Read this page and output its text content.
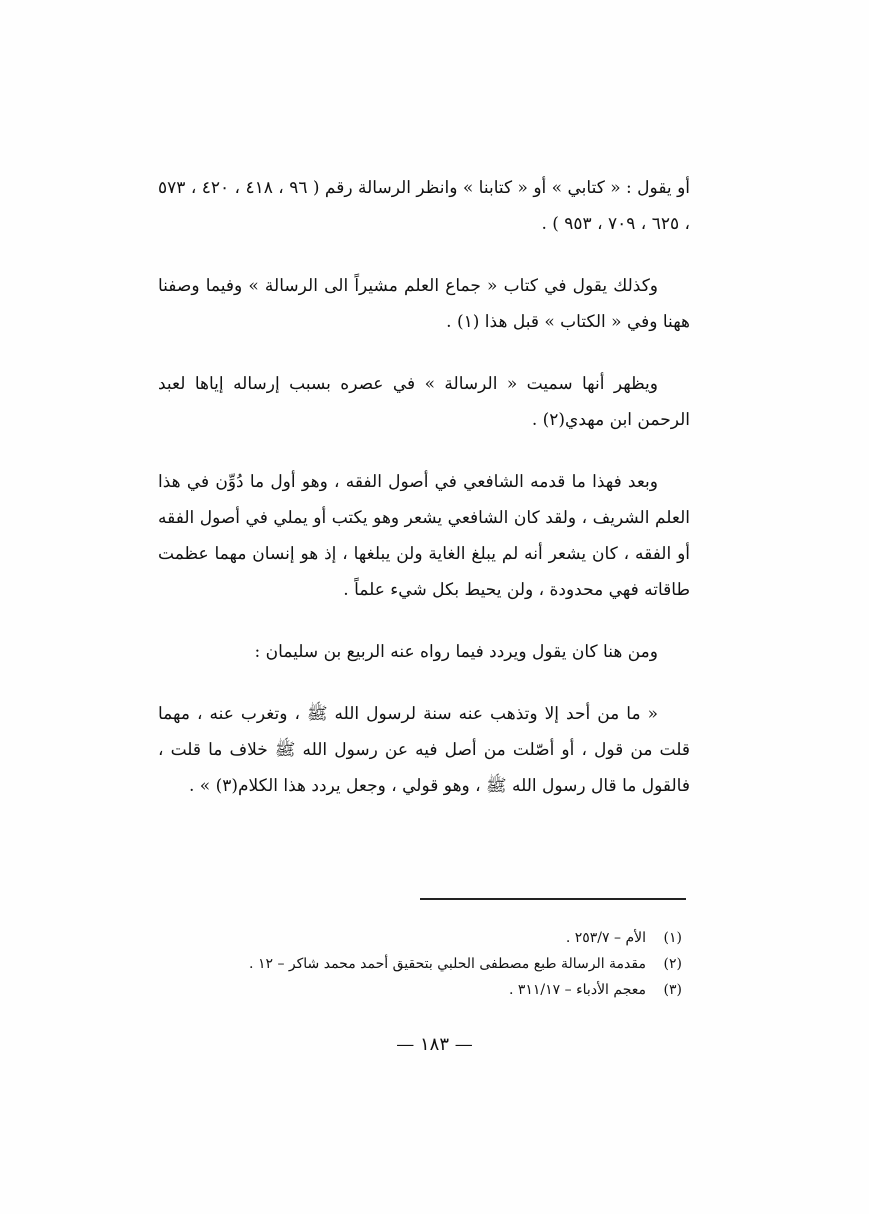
أو يقول : « كتابي » أو « كتابنا » وانظر الرسالة رقم ( ٩٦ ، ٤١٨ ، ٤٢٠ ، ٥٧٣ ، ٦٢٥ ، ٧٠٩ ، ٩٥٣ ) .

وكذلك يقول في كتاب « جماع العلم مشيراً الى الرسالة » وفيما وصفنا ههنا وفي « الكتاب » قبل هذا (١) .

ويظهر أنها سميت « الرسالة » في عصره بسبب إرساله إياها لعبد الرحمن ابن مهدي(٢) .

وبعد فهذا ما قدمه الشافعي في أصول الفقه ، وهو أول ما دُوِّن في هذا العلم الشريف ، ولقد كان الشافعي يشعر وهو يكتب أو يملي في أصول الفقه أو الفقه ، كان يشعر أنه لم يبلغ الغاية ولن يبلغها ، إذ هو إنسان مهما عظمت طاقاته فهي محدودة ، ولن يحيط بكل شيء علماً .

ومن هنا كان يقول ويردد فيما رواه عنه الربيع بن سليمان :

« ما من أحد إلا وتذهب عنه سنة لرسول الله ﷺ ، وتغرب عنه ، مهما قلت من قول ، أو أصّلت من أصل فيه عن رسول الله ﷺ خلاف ما قلت ، فالقول ما قال رسول الله ﷺ ، وهو قولي ، وجعل يردد هذا الكلام(٣) » .

(١)
الأم – ٢٥٣/٧ .
(٢)
مقدمة الرسالة طبع مصطفى الحلبي بتحقيق أحمد محمد شاكر – ١٢ .
(٣)
معجم الأدباء – ٣١١/١٧ .
— ١٨٣ —
